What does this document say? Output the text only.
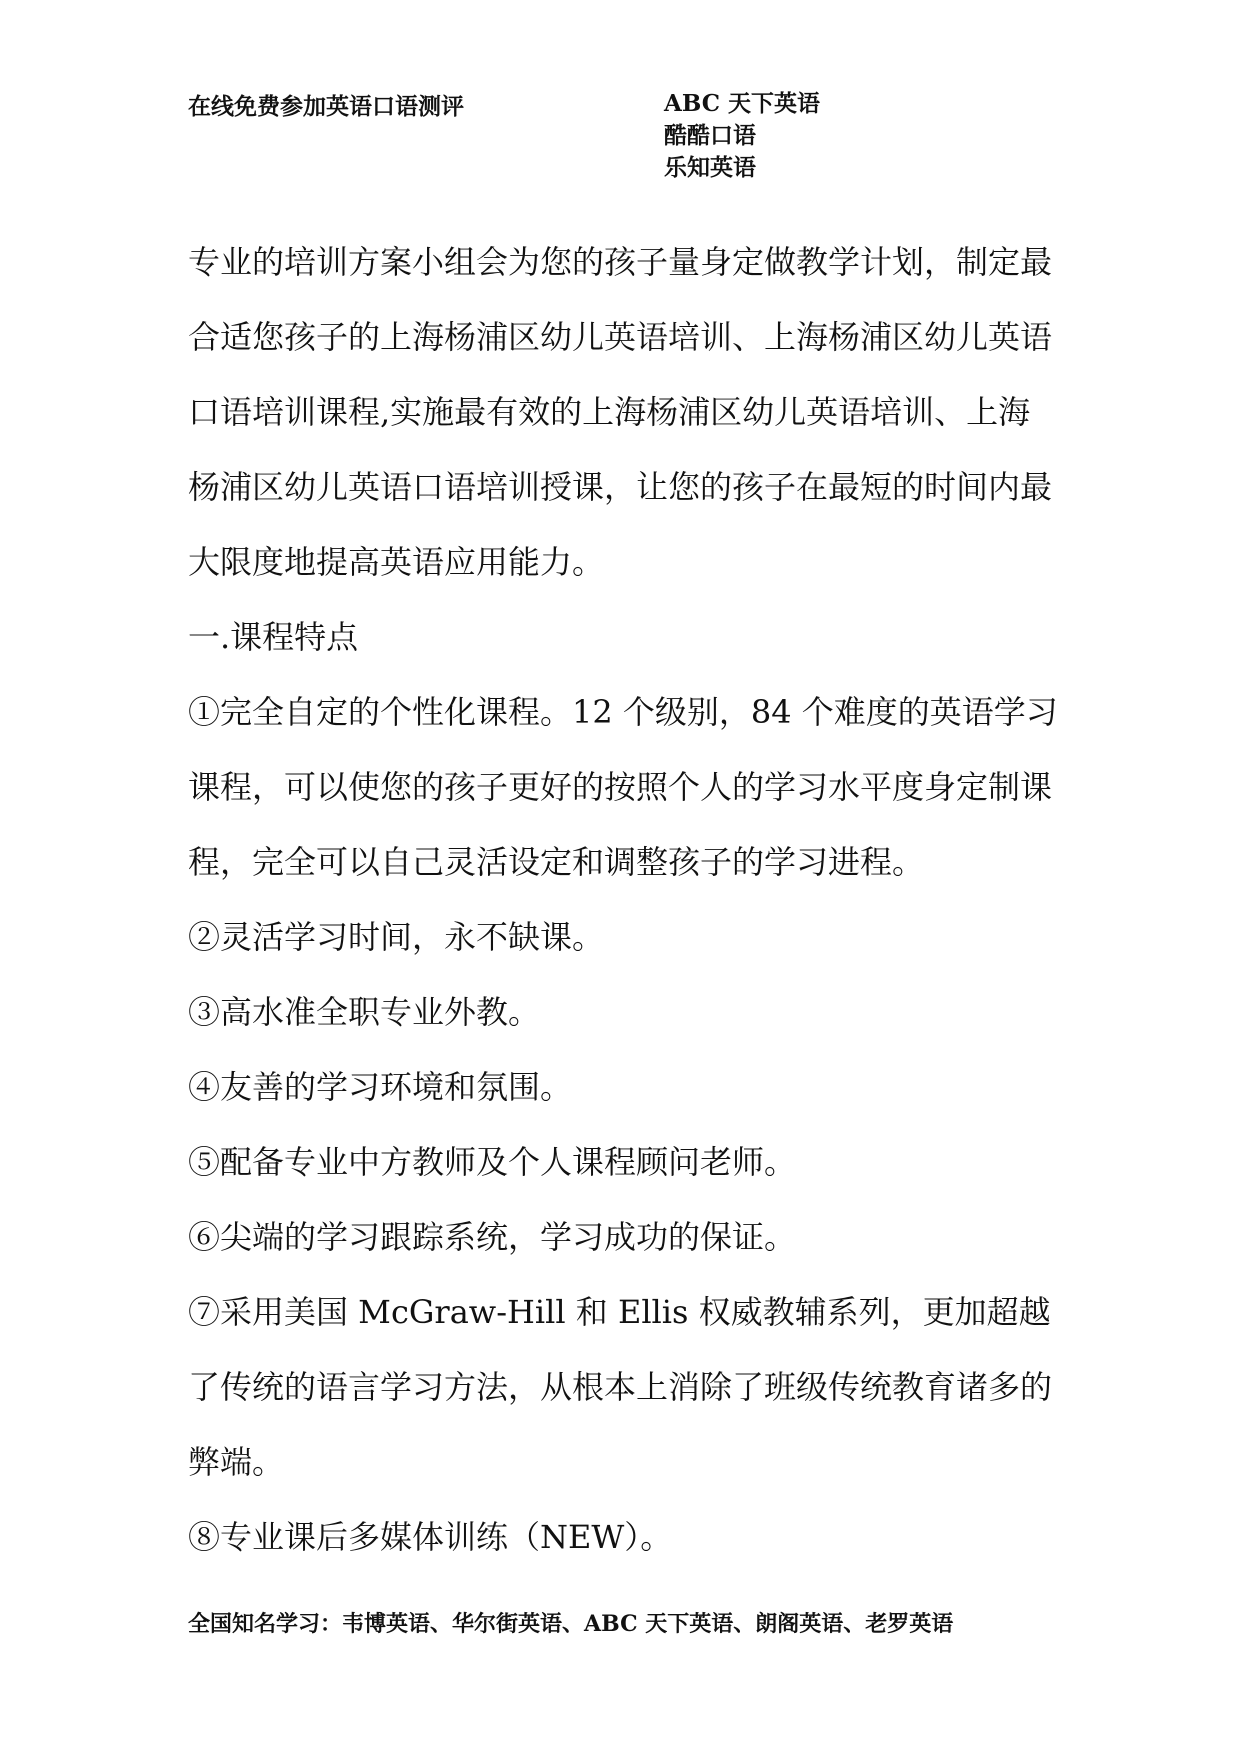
在线免费参加英语口语测评	ABC 天下英语
酷酷口语
乐知英语

专业的培训方案小组会为您的孩子量身定做教学计划，制定最合适您孩子的上海杨浦区幼儿英语培训、上海杨浦区幼儿英语口语培训课程,实施最有效的上海杨浦区幼儿英语培训、上海杨浦区幼儿英语口语培训授课，让您的孩子在最短的时间内最大限度地提高英语应用能力。

一.课程特点

①完全自定的个性化课程。12 个级别，84 个难度的英语学习课程，可以使您的孩子更好的按照个人的学习水平度身定制课程，完全可以自己灵活设定和调整孩子的学习进程。

②灵活学习时间，永不缺课。

③高水准全职专业外教。

④友善的学习环境和氛围。

⑤配备专业中方教师及个人课程顾问老师。

⑥尖端的学习跟踪系统，学习成功的保证。

⑦采用美国 McGraw-Hill 和 Ellis 权威教辅系列，更加超越了传统的语言学习方法，从根本上消除了班级传统教育诸多的弊端。

⑧专业课后多媒体训练（NEW）。

全国知名学习：韦博英语、华尔街英语、ABC 天下英语、朗阁英语、老罗英语
